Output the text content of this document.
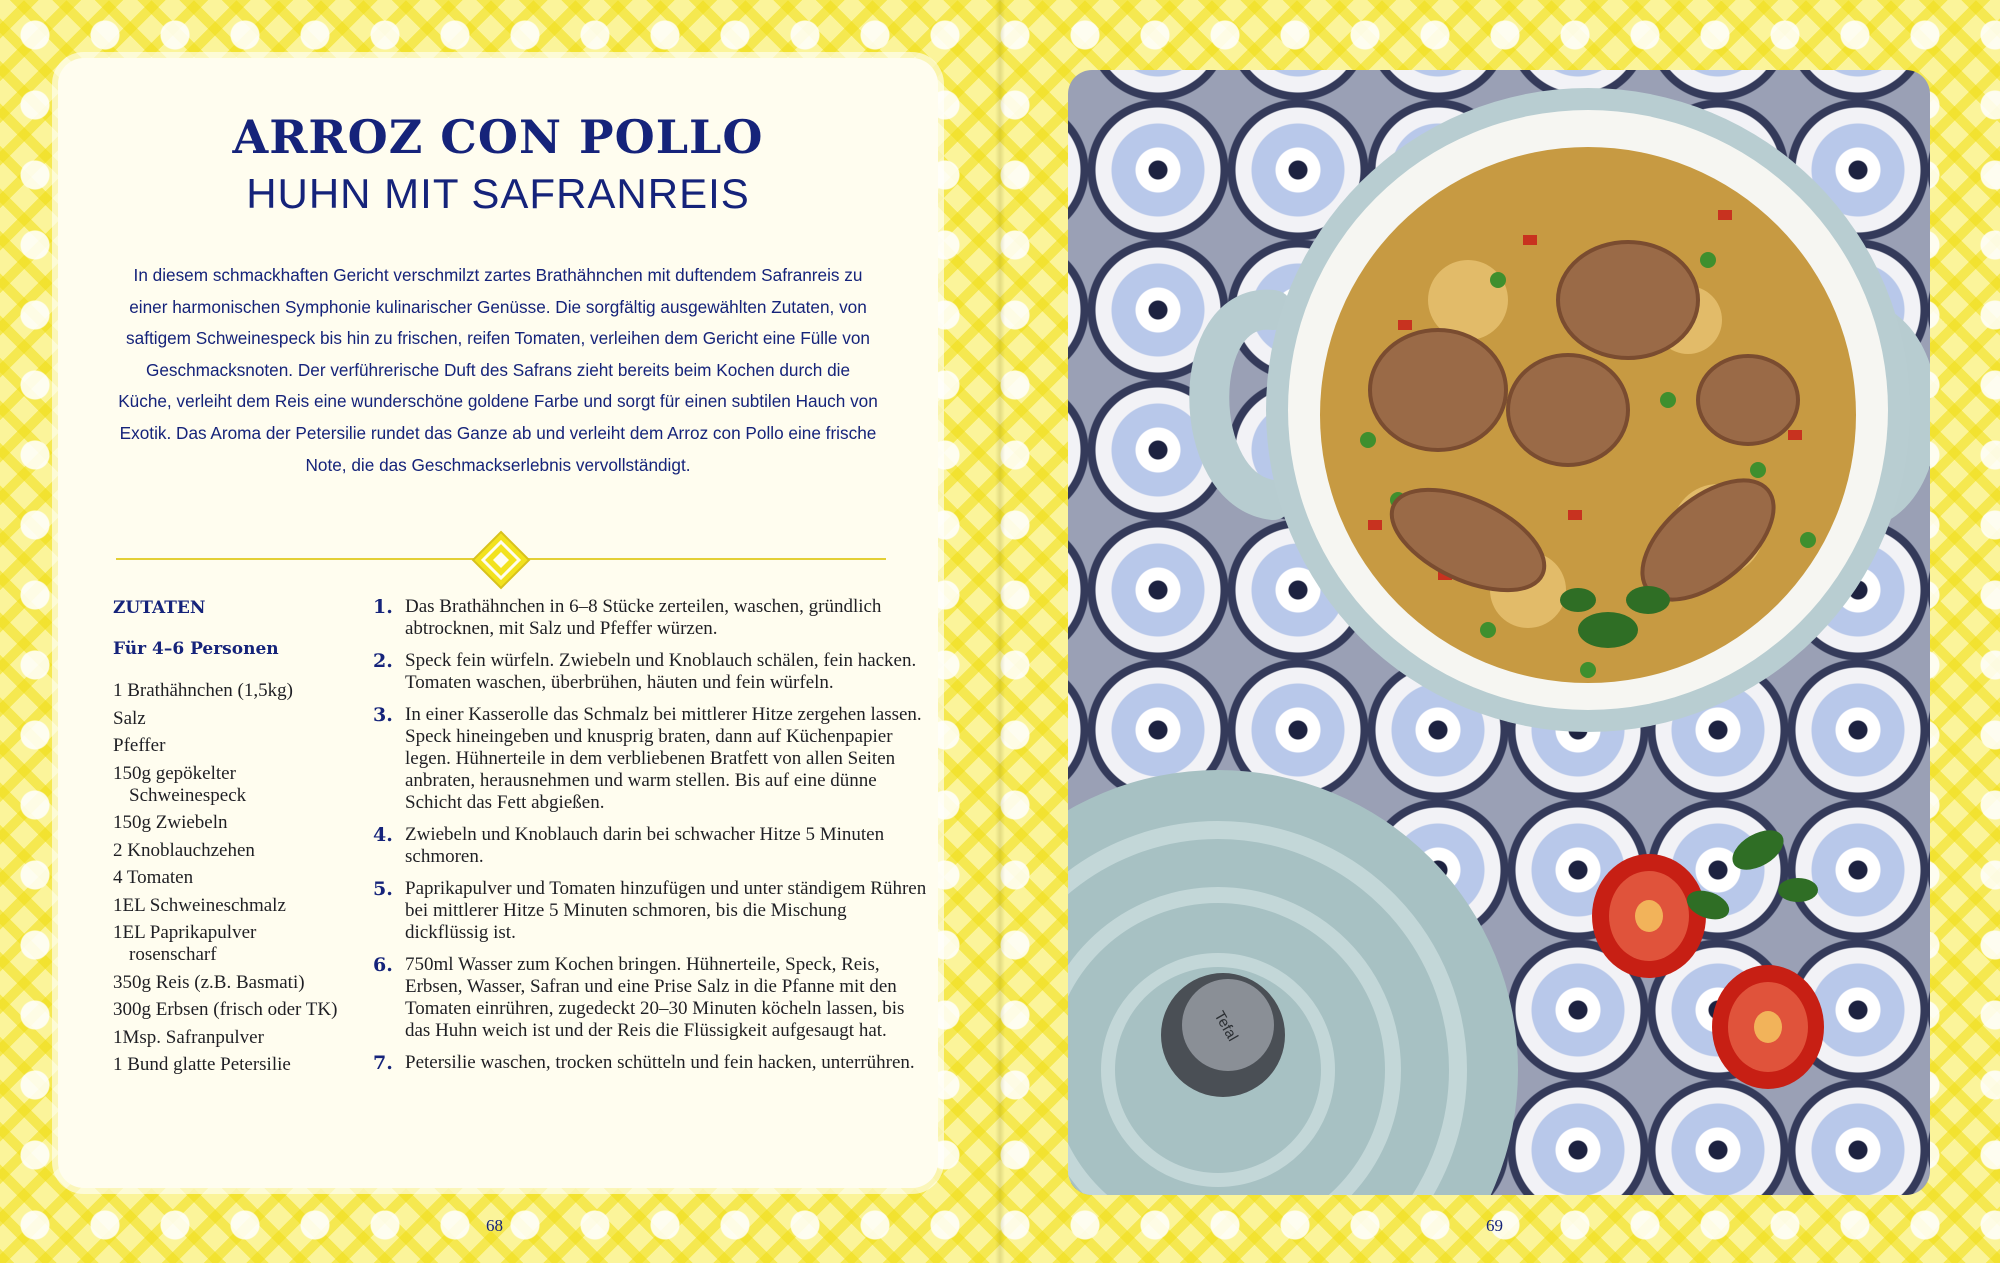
ARROZ CON POLLO
HUHN MIT SAFRANREIS

In diesem schmackhaften Gericht verschmilzt zartes Brathähnchen mit duftendem Safranreis zu einer harmonischen Symphonie kulinarischer Genüsse. Die sorgfältig ausgewählten Zutaten, von saftigem Schweinespeck bis hin zu frischen, reifen Tomaten, verleihen dem Gericht eine Fülle von Geschmacksnoten. Der verführerische Duft des Safrans zieht bereits beim Kochen durch die Küche, verleiht dem Reis eine wunderschöne goldene Farbe und sorgt für einen subtilen Hauch von Exotik. Das Aroma der Petersilie rundet das Ganze ab und verleiht dem Arroz con Pollo eine frische Note, die das Geschmackserlebnis vervollständigt.

ZUTATEN
Für 4–6 Personen
1 Brathähnchen (1,5kg)
Salz
Pfeffer
150g gepökelter Schweinespeck
150g Zwiebeln
2 Knoblauchzehen
4 Tomaten
1EL Schweineschmalz
1EL Paprikapulver rosenscharf
350g Reis (z.B. Basmati)
300g Erbsen (frisch oder TK)
1Msp. Safranpulver
1 Bund glatte Petersilie
1. Das Brathähnchen in 6–8 Stücke zerteilen, waschen, gründlich abtrocknen, mit Salz und Pfeffer würzen.
2. Speck fein würfeln. Zwiebeln und Knoblauch schälen, fein hacken. Tomaten waschen, überbrühen, häuten und fein würfeln.
3. In einer Kasserolle das Schmalz bei mittlerer Hitze zergehen lassen. Speck hineingeben und knusprig braten, dann auf Küchenpapier legen. Hühnerteile in dem verbliebenen Bratfett von allen Seiten anbraten, herausnehmen und warm stellen. Bis auf eine dünne Schicht das Fett abgießen.
4. Zwiebeln und Knoblauch darin bei schwacher Hitze 5 Minuten schmoren.
5. Paprikapulver und Tomaten hinzufügen und unter ständigem Rühren bei mittlerer Hitze 5 Minuten schmoren, bis die Mischung dickflüssig ist.
6. 750ml Wasser zum Kochen bringen. Hühnerteile, Speck, Reis, Erbsen, Wasser, Safran und eine Prise Salz in die Pfanne mit den Tomaten einrühren, zugedeckt 20–30 Minuten köcheln lassen, bis das Huhn weich ist und der Reis die Flüssigkeit aufgesaugt hat.
7. Petersilie waschen, trocken schütteln und fein hacken, unterrühren.
68	69
Tefal
